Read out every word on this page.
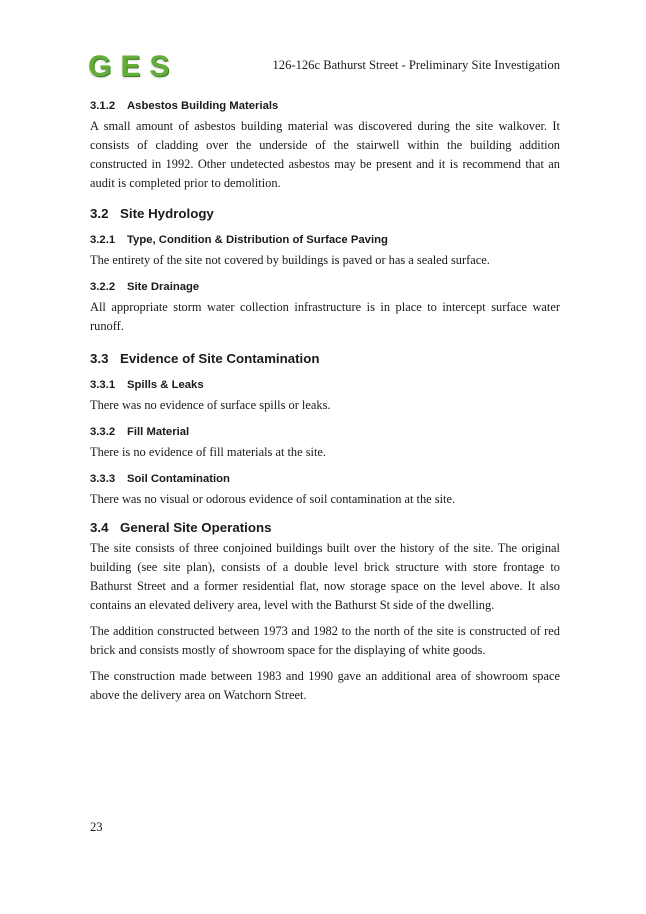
G E S	126-126c Bathurst Street - Preliminary Site Investigation
3.1.2 Asbestos Building Materials

A small amount of asbestos building material was discovered during the site walkover. It consists of cladding over the underside of the stairwell within the building addition constructed in 1992. Other undetected asbestos may be present and it is recommend that an audit is completed prior to demolition.

3.2 Site Hydrology
3.2.1 Type, Condition & Distribution of Surface Paving

The entirety of the site not covered by buildings is paved or has a sealed surface.

3.2.2 Site Drainage

All appropriate storm water collection infrastructure is in place to intercept surface water runoff.

3.3 Evidence of Site Contamination
3.3.1 Spills & Leaks

There was no evidence of surface spills or leaks.

3.3.2 Fill Material

There is no evidence of fill materials at the site.

3.3.3 Soil Contamination

There was no visual or odorous evidence of soil contamination at the site.

3.4 General Site Operations

The site consists of three conjoined buildings built over the history of the site. The original building (see site plan), consists of a double level brick structure with store frontage to Bathurst Street and a former residential flat, now storage space on the level above. It also contains an elevated delivery area, level with the Bathurst St side of the dwelling.

The addition constructed between 1973 and 1982 to the north of the site is constructed of red brick and consists mostly of showroom space for the displaying of white goods.

The construction made between 1983 and 1990 gave an additional area of showroom space above the delivery area on Watchorn Street.

23
